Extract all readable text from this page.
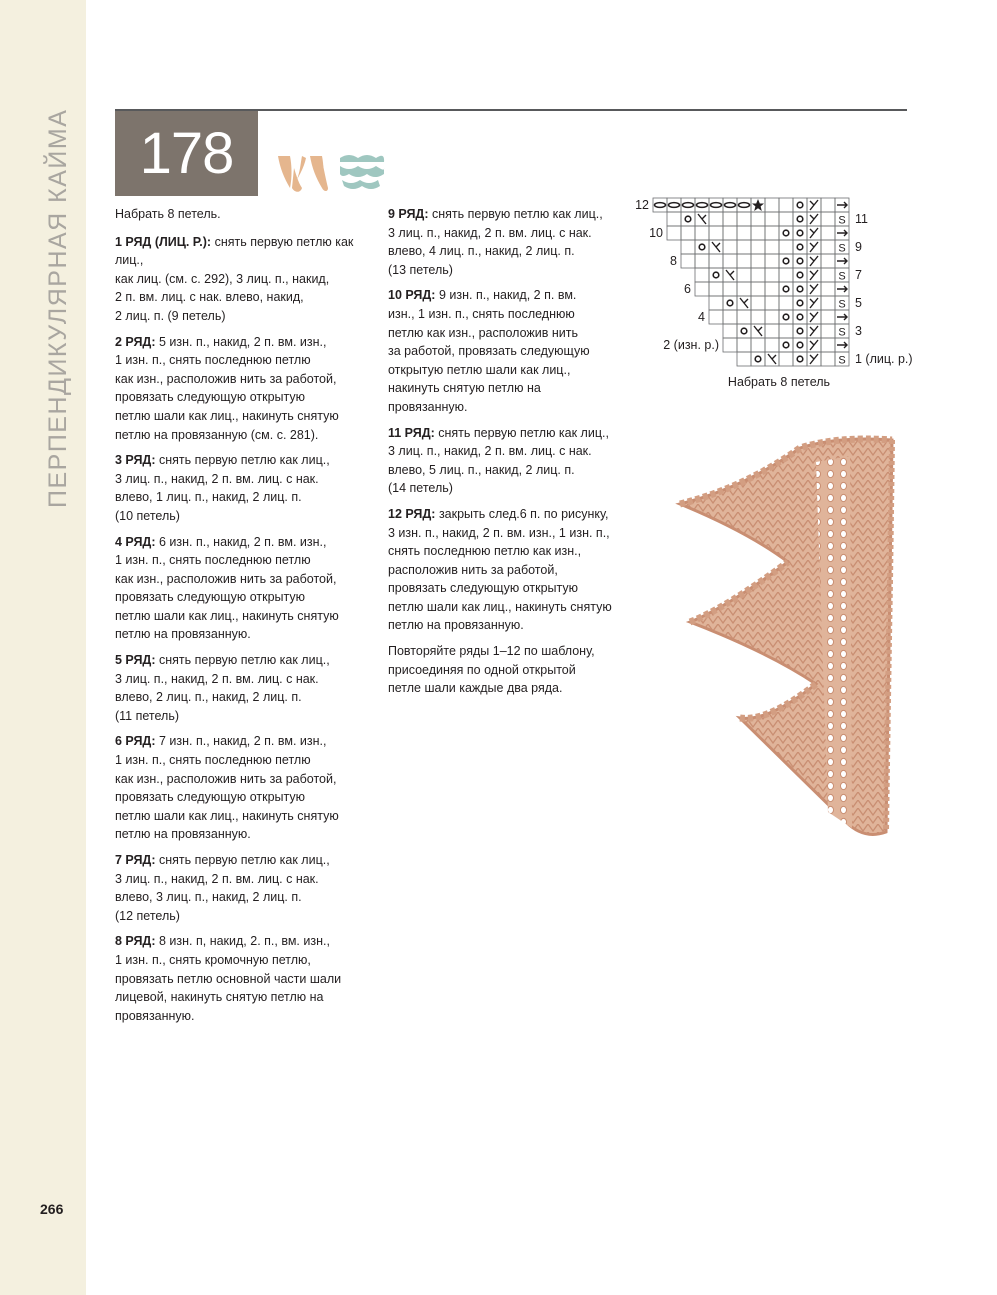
ПЕРПЕНДИКУЛЯРНАЯ КАЙМА
266
178
Набрать 8 петель.
1 РЯД (ЛИЦ. Р.): снять первую петлю как лиц.,
как лиц. (см. с. 292), 3 лиц. п., накид,
2 п. вм. лиц. с нак. влево, накид,
2 лиц. п. (9 петель)
2 РЯД: 5 изн. п., накид, 2 п. вм. изн.,
1 изн. п., снять последнюю петлю
как изн., расположив нить за работой,
провязать следующую открытую
петлю шали как лиц., накинуть снятую
петлю на провязанную (см. с. 281).
3 РЯД: снять первую петлю как лиц.,
3 лиц. п., накид, 2 п. вм. лиц. с нак.
влево, 1 лиц. п., накид, 2 лиц. п.
(10 петель)
4 РЯД: 6 изн. п., накид, 2 п. вм. изн.,
1 изн. п., снять последнюю петлю
как изн., расположив нить за работой,
провязать следующую открытую
петлю шали как лиц., накинуть снятую
петлю на провязанную.
5 РЯД: снять первую петлю как лиц.,
3 лиц. п., накид, 2 п. вм. лиц. с нак.
влево, 2 лиц. п., накид, 2 лиц. п.
(11 петель)
6 РЯД: 7 изн. п., накид, 2 п. вм. изн.,
1 изн. п., снять последнюю петлю
как изн., расположив нить за работой,
провязать следующую открытую
петлю шали как лиц., накинуть снятую
петлю на провязанную.
7 РЯД: снять первую петлю как лиц.,
3 лиц. п., накид, 2 п. вм. лиц. с нак.
влево, 3 лиц. п., накид, 2 лиц. п.
(12 петель)
8 РЯД: 8 изн. п, накид, 2. п., вм. изн.,
1 изн. п., снять кромочную петлю,
провязать петлю основной части шали
лицевой, накинуть снятую петлю на
провязанную.
9 РЯД: снять первую петлю как лиц.,
3 лиц. п., накид, 2 п. вм. лиц. с нак.
влево, 4 лиц. п., накид, 2 лиц. п.
(13 петель)
10 РЯД: 9 изн. п., накид, 2 п. вм.
изн., 1 изн. п., снять последнюю
петлю как изн., расположив нить
за работой, провязать следующую
открытую петлю шали как лиц.,
накинуть снятую петлю на
провязанную.
11 РЯД: снять первую петлю как лиц.,
3 лиц. п., накид, 2 п. вм. лиц. с нак.
влево, 5 лиц. п., накид, 2 лиц. п.
(14 петель)
12 РЯД: закрыть след.6 п. по рисунку,
3 изн. п., накид, 2 п. вм. изн., 1 изн. п.,
снять последнюю петлю как изн.,
расположив нить за работой,
провязать следующую открытую
петлю шали как лиц., накинуть снятую
петлю на провязанную.
Повторяйте ряды 1–12 по шаблону,
присоединяя по одной открытой
петле шали каждые два ряда.
S
S
S
S
S
S
12
10
8
6
4
2 (изн. р.)
11
9
7
5
3
1 (лиц. р.)
Набрать 8 петель
